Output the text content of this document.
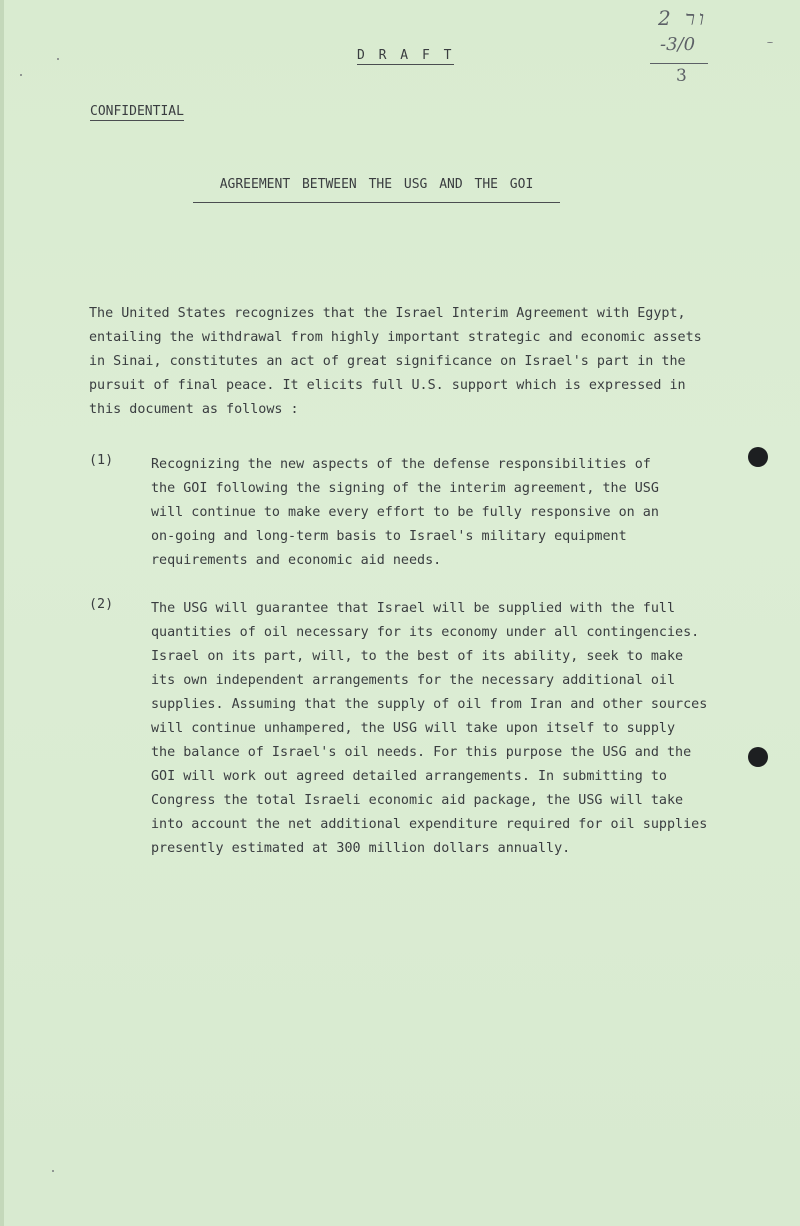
D R A F T
ור 2
-3/0
3
CONFIDENTIAL
AGREEMENT BETWEEN THE USG AND THE GOI
The United States recognizes that the Israel Interim Agreement with Egypt,
entailing the withdrawal from highly important strategic and economic assets
in Sinai, constitutes an act of great significance on Israel's part in the
pursuit of final peace. It elicits full U.S. support which is expressed in
this document as follows :
(1)	Recognizing the new aspects of the defense responsibilities of
the GOI following the signing of the interim agreement, the USG
will continue to make every effort to be fully responsive on an
on-going and long-term basis to Israel's military equipment
requirements and economic aid needs.
(2)	The USG will guarantee that Israel will be supplied with the full
quantities of oil necessary for its economy under all contingencies.
Israel on its part, will, to the best of its ability, seek to make
its own independent arrangements for the necessary additional oil
supplies. Assuming that the supply of oil from Iran and other sources
will continue unhampered, the USG will take upon itself to supply
the balance of Israel's oil needs. For this purpose the USG and the
GOI will work out agreed detailed arrangements. In submitting to
Congress the total Israeli economic aid package, the USG will take
into account the net additional expenditure required for oil supplies
presently estimated at 300 million dollars annually.
